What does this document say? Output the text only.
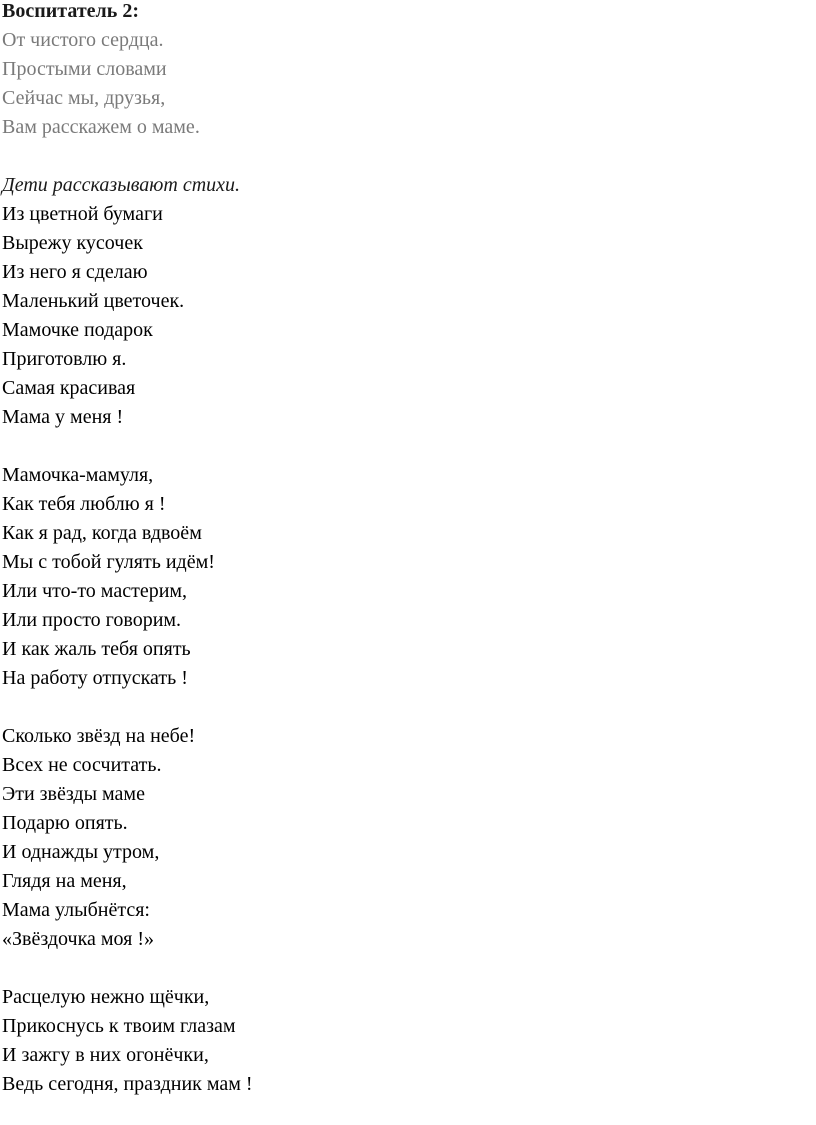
Воспитатель 2:
От чистого сердца.
Простыми словами
Сейчас мы, друзья,
Вам расскажем о маме.
Дети рассказывают стихи.
Из цветной бумаги
Вырежу кусочек
Из него я сделаю
Маленький цветочек.
Мамочке подарок
Приготовлю я.
Самая красивая
Мама у меня !
Мамочка-мамуля,
Как тебя люблю я !
Как я рад, когда вдвоём
Мы с тобой гулять идём!
Или что-то мастерим,
Или просто говорим.
И как жаль тебя опять
На работу отпускать !
Сколько звёзд на небе!
Всех не сосчитать.
Эти звёзды маме
Подарю опять.
И однажды утром,
Глядя на меня,
Мама улыбнётся:
«Звёздочка моя !»
Расцелую нежно щёчки,
Прикоснусь к твоим глазам
И зажгу в них огонёчки,
Ведь сегодня, праздник мам !
